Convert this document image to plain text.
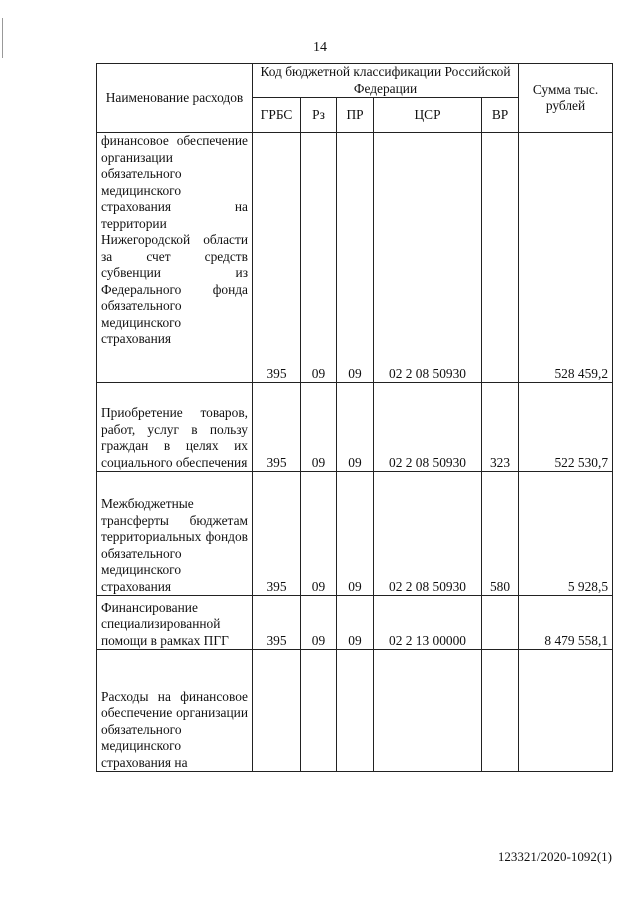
14
Наименование расходов	Код бюджетной классификации Российской Федерации					Сумма тыс. рублей
	ГРБС	Рз	ПР	ЦСР	ВР	
финансовое обеспечение организации обязательного медицинского страхования на территории Нижегородской области за счет средств субвенции из Федерального фонда обязательного медицинского страхования	395	09	09	02 2 08 50930		528 459,2
Приобретение товаров, работ, услуг в пользу граждан в целях их социального обеспечения	395	09	09	02 2 08 50930	323	522 530,7
Межбюджетные трансферты бюджетам территориальных фондов обязательного медицинского страхования	395	09	09	02 2 08 50930	580	5 928,5
Финансирование специализированной помощи в рамках ПГГ	395	09	09	02 2 13 00000		8 479 558,1
Расходы на финансовое обеспечение организации обязательного медицинского страхования на						
123321/2020-1092(1)
